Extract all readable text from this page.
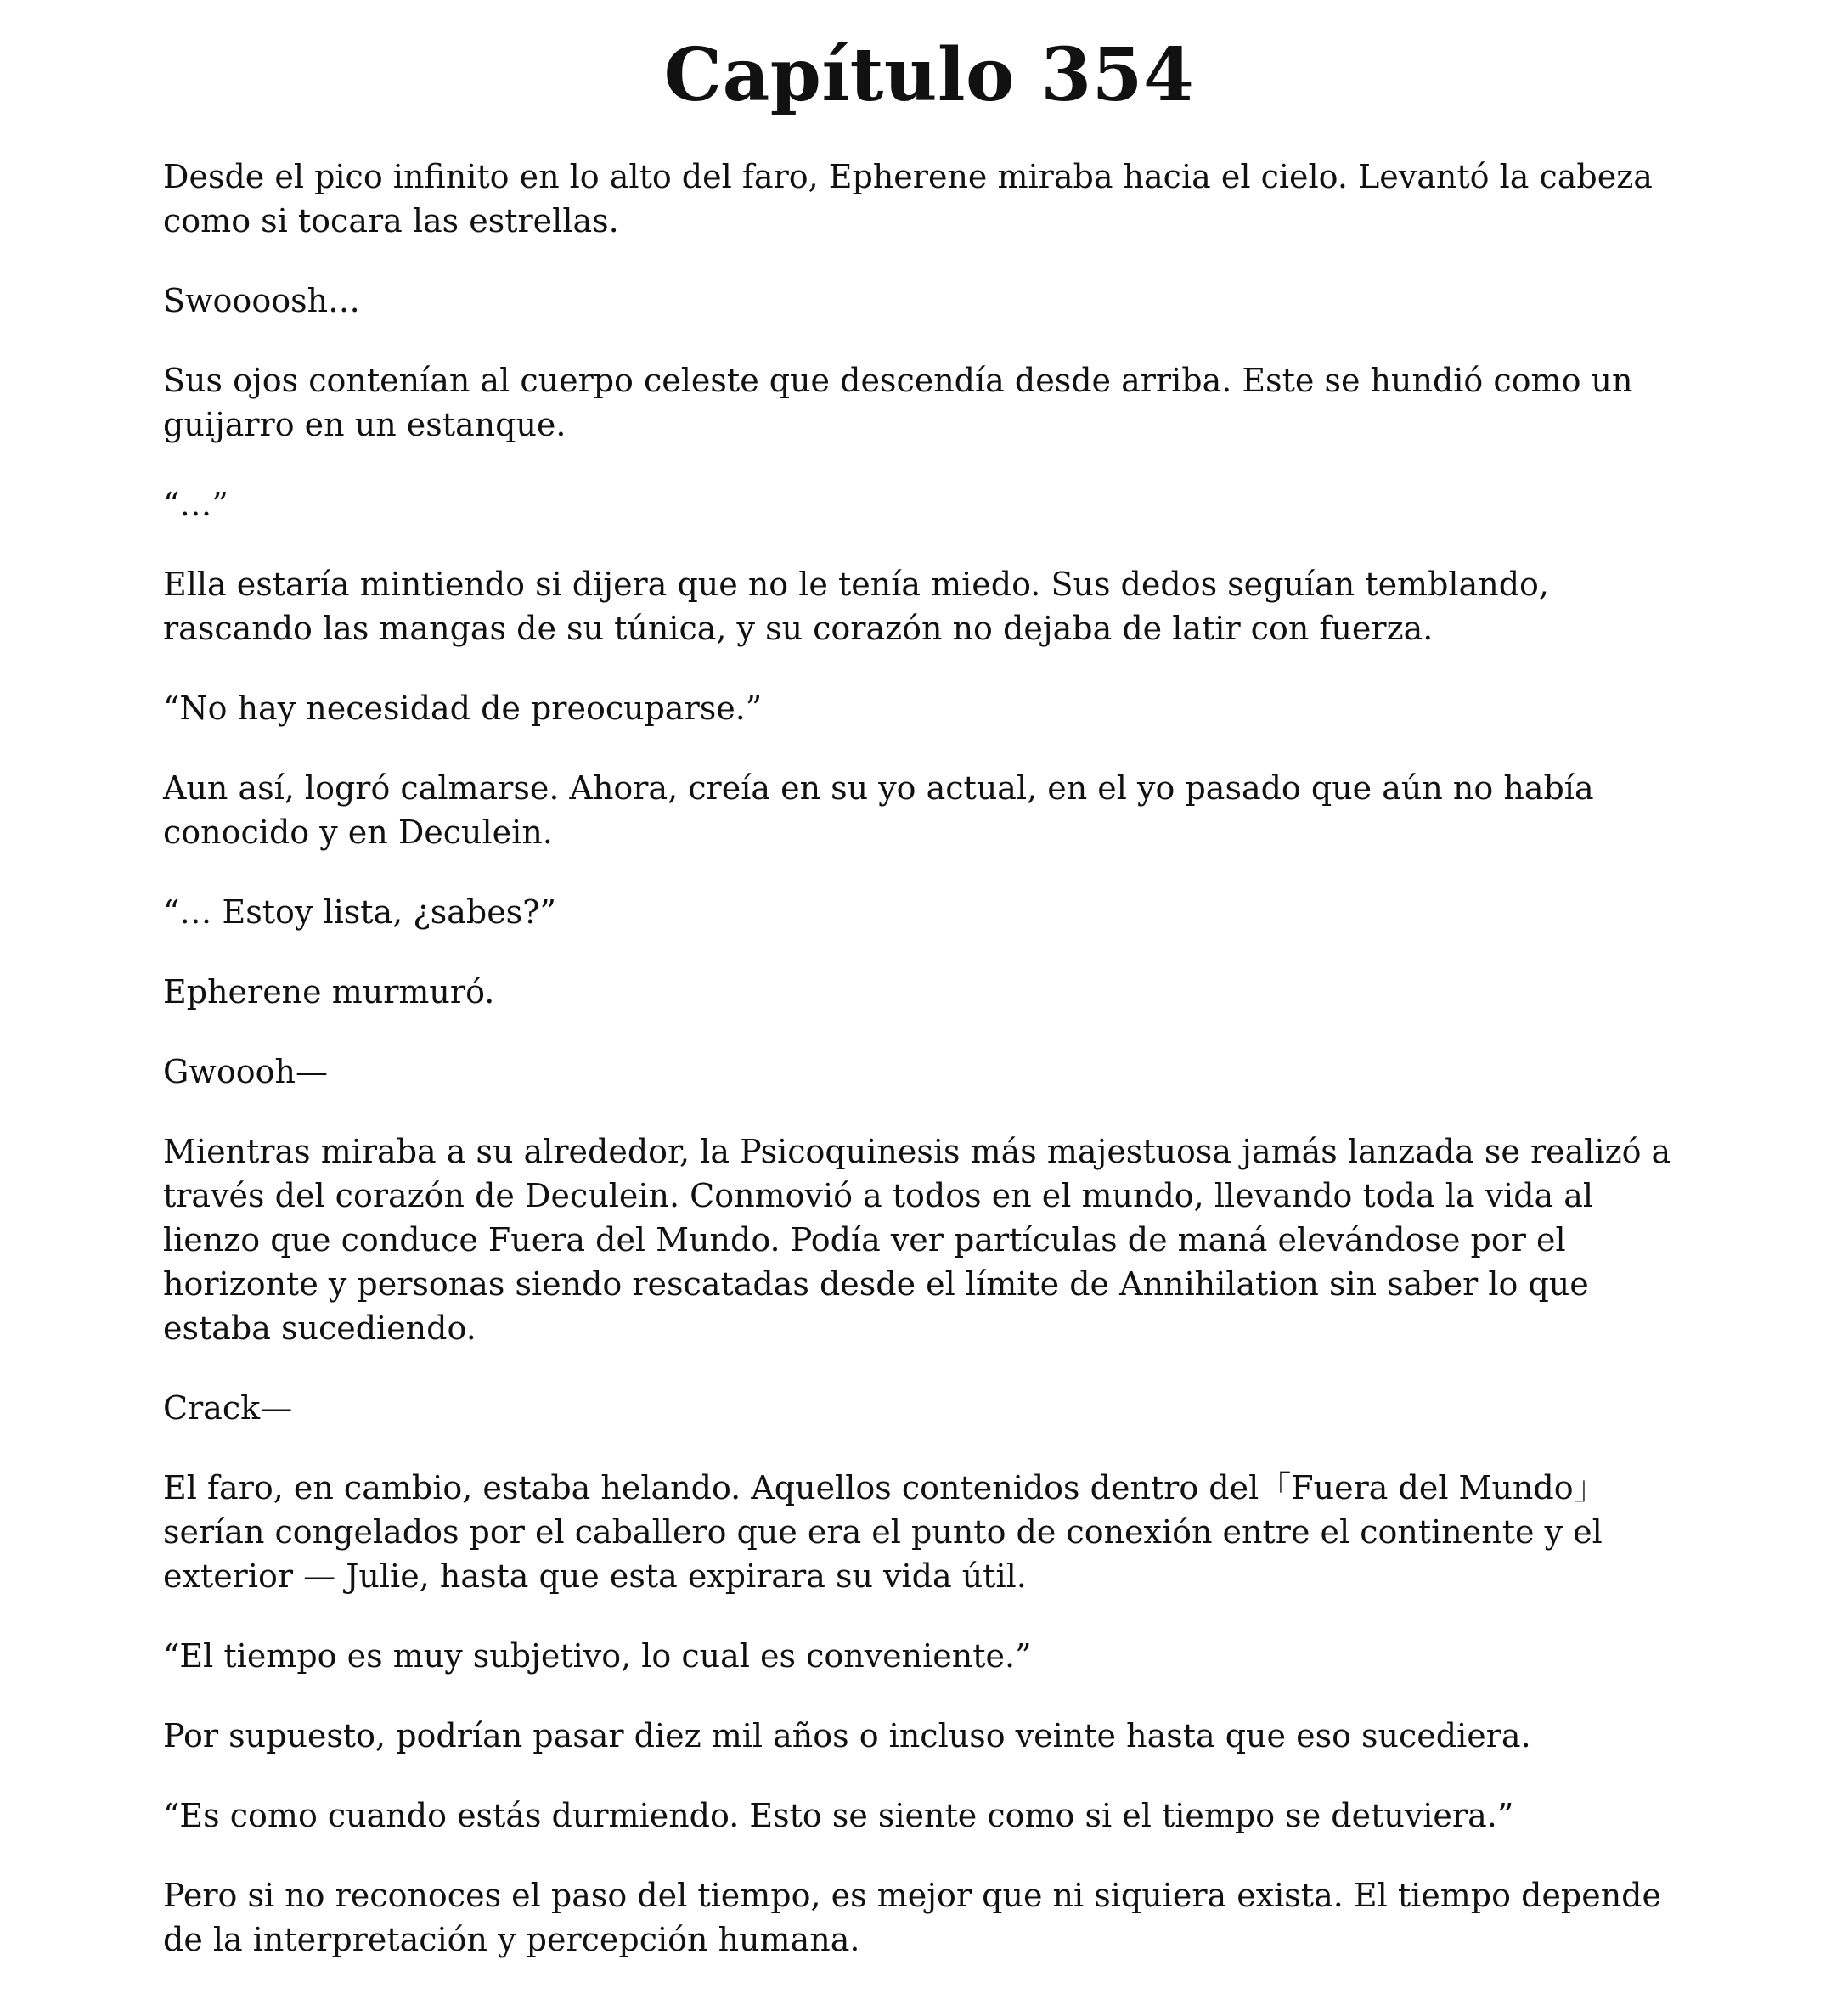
Capítulo 354

Desde el pico infinito en lo alto del faro, Epherene miraba hacia el cielo. Levantó la cabeza como si tocara las estrellas.

Swoooosh…

Sus ojos contenían al cuerpo celeste que descendía desde arriba. Este se hundió como un guijarro en un estanque.

“…”

Ella estaría mintiendo si dijera que no le tenía miedo. Sus dedos seguían temblando, rascando las mangas de su túnica, y su corazón no dejaba de latir con fuerza.

“No hay necesidad de preocuparse.”

Aun así, logró calmarse. Ahora, creía en su yo actual, en el yo pasado que aún no había conocido y en Deculein.

“… Estoy lista, ¿sabes?”

Epherene murmuró.

Gwoooh—

Mientras miraba a su alrededor, la Psicoquinesis más majestuosa jamás lanzada se realizó a través del corazón de Deculein. Conmovió a todos en el mundo, llevando toda la vida al lienzo que conduce Fuera del Mundo. Podía ver partículas de maná elevándose por el horizonte y personas siendo rescatadas desde el límite de Annihilation sin saber lo que estaba sucediendo.

Crack—

El faro, en cambio, estaba helando. Aquellos contenidos dentro del「Fuera del Mundo」serían congelados por el caballero que era el punto de conexión entre el continente y el exterior — Julie, hasta que esta expirara su vida útil.

“El tiempo es muy subjetivo, lo cual es conveniente.”

Por supuesto, podrían pasar diez mil años o incluso veinte hasta que eso sucediera.

“Es como cuando estás durmiendo. Esto se siente como si el tiempo se detuviera.”

Pero si no reconoces el paso del tiempo, es mejor que ni siquiera exista. El tiempo depende de la interpretación y percepción humana.
